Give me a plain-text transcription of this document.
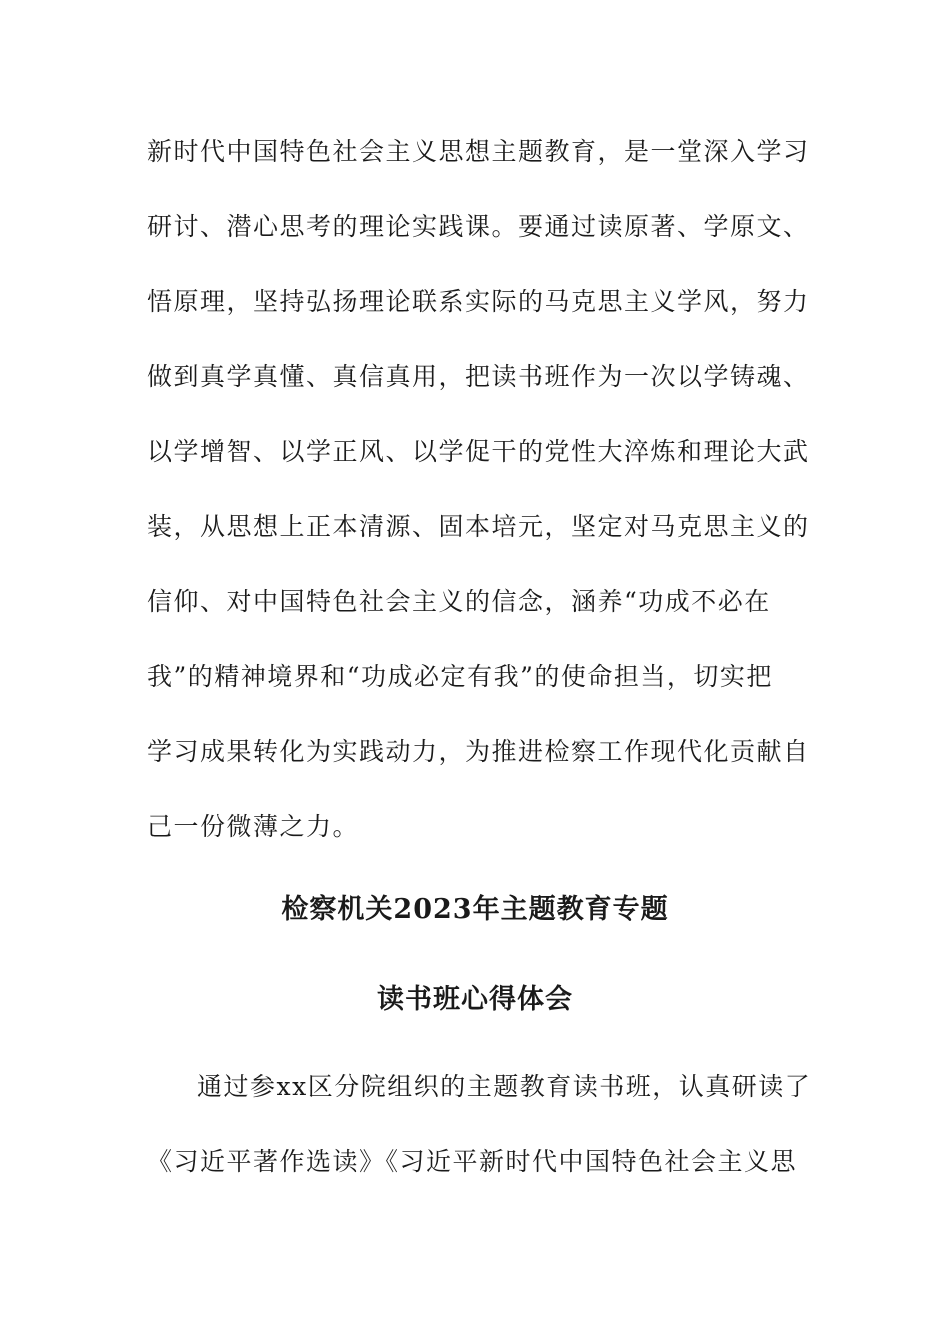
新时代中国特色社会主义思想主题教育，是一堂深入学习
研讨、潜心思考的理论实践课。要通过读原著、学原文、
悟原理，坚持弘扬理论联系实际的马克思主义学风，努力
做到真学真懂、真信真用，把读书班作为一次以学铸魂、
以学增智、以学正风、以学促干的党性大淬炼和理论大武
装，从思想上正本清源、固本培元，坚定对马克思主义的
信仰、对中国特色社会主义的信念，涵养“功成不必在
我”的精神境界和“功成必定有我”的使命担当，切实把
学习成果转化为实践动力，为推进检察工作现代化贡献自
己一份微薄之力。
检察机关2023年主题教育专题
读书班心得体会
通过参xx区分院组织的主题教育读书班，认真研读了
《习近平著作选读》《习近平新时代中国特色社会主义思
